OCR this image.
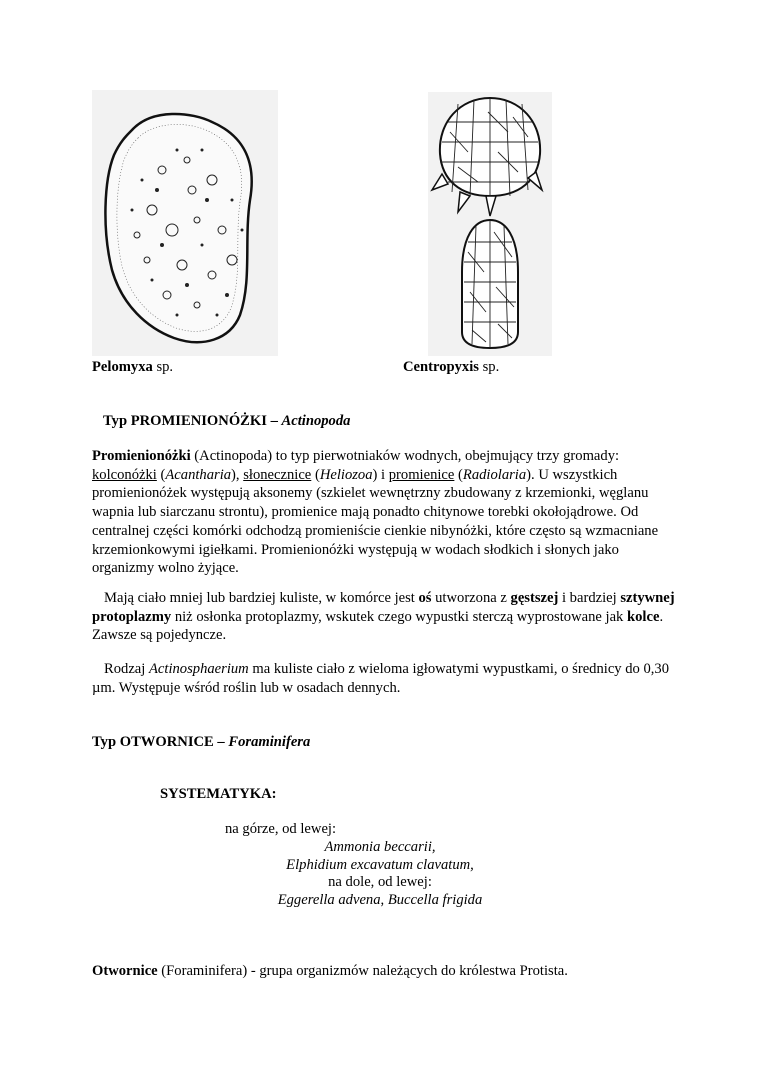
Pelomyxa sp.	Centropyxis sp.

Typ PROMIENIONÓŻKI – Actinopoda

Promienionóżki (Actinopoda) to typ pierwotniaków wodnych, obejmujący trzy gromady: kolconóżki (Acantharia), słonecznice (Heliozoa) i promienice (Radiolaria). U wszystkich promienionóżek występują aksonemy (szkielet wewnętrzny zbudowany z krzemionki, węglanu wapnia lub siarczanu strontu), promienice mają ponadto chitynowe torebki okołojądrowe. Od centralnej części komórki odchodzą promieniście cienkie nibynóżki, które często są wzmacniane krzemionkowymi igiełkami. Promienionóżki występują w wodach słodkich i słonych jako organizmy wolno żyjące.

Mają ciało mniej lub bardziej kuliste, w komórce jest oś utworzona z gęstszej i bardziej sztywnej protoplazmy niż osłonka protoplazmy, wskutek czego wypustki sterczą wyprostowane jak kolce. Zawsze są pojedyncze.

Rodzaj Actinosphaerium ma kuliste ciało z wieloma igłowatymi wypustkami, o średnicy do 0,30 µm. Występuje wśród roślin lub w osadach dennych.

Typ OTWORNICE – Foraminifera

SYSTEMATYKA:

na górze, od lewej:

Ammonia beccarii,

Elphidium excavatum clavatum,

na dole, od lewej:

Eggerella advena, Buccella frigida

Otwornice (Foraminifera) - grupa organizmów należących do królestwa Protista.
